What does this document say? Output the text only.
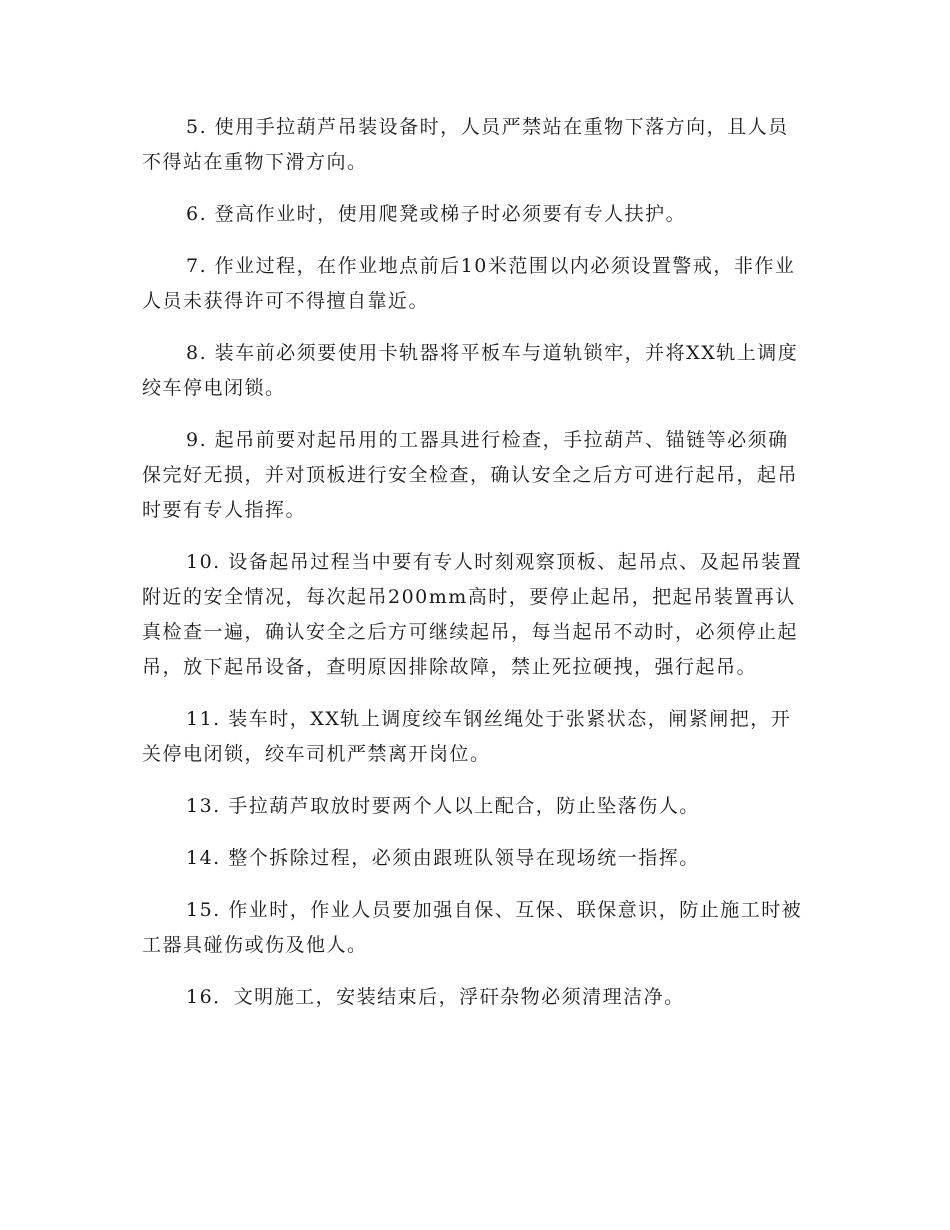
5. 使用手拉葫芦吊装设备时，人员严禁站在重物下落方向，且人员不得站在重物下滑方向。

6. 登高作业时，使用爬凳或梯子时必须要有专人扶护。

7. 作业过程，在作业地点前后10米范围以内必须设置警戒，非作业人员未获得许可不得擅自靠近。

8. 装车前必须要使用卡轨器将平板车与道轨锁牢，并将XX轨上调度绞车停电闭锁。

9. 起吊前要对起吊用的工器具进行检查，手拉葫芦、锚链等必须确保完好无损，并对顶板进行安全检查，确认安全之后方可进行起吊，起吊时要有专人指挥。

10. 设备起吊过程当中要有专人时刻观察顶板、起吊点、及起吊装置附近的安全情况，每次起吊200mm高时，要停止起吊，把起吊装置再认真检查一遍，确认安全之后方可继续起吊，每当起吊不动时，必须停止起吊，放下起吊设备，查明原因排除故障，禁止死拉硬拽，强行起吊。

11. 装车时，XX轨上调度绞车钢丝绳处于张紧状态，闸紧闸把，开关停电闭锁，绞车司机严禁离开岗位。

13. 手拉葫芦取放时要两个人以上配合，防止坠落伤人。

14. 整个拆除过程，必须由跟班队领导在现场统一指挥。

15. 作业时，作业人员要加强自保、互保、联保意识，防止施工时被工器具碰伤或伤及他人。

16．文明施工，安装结束后，浮矸杂物必须清理洁净。
